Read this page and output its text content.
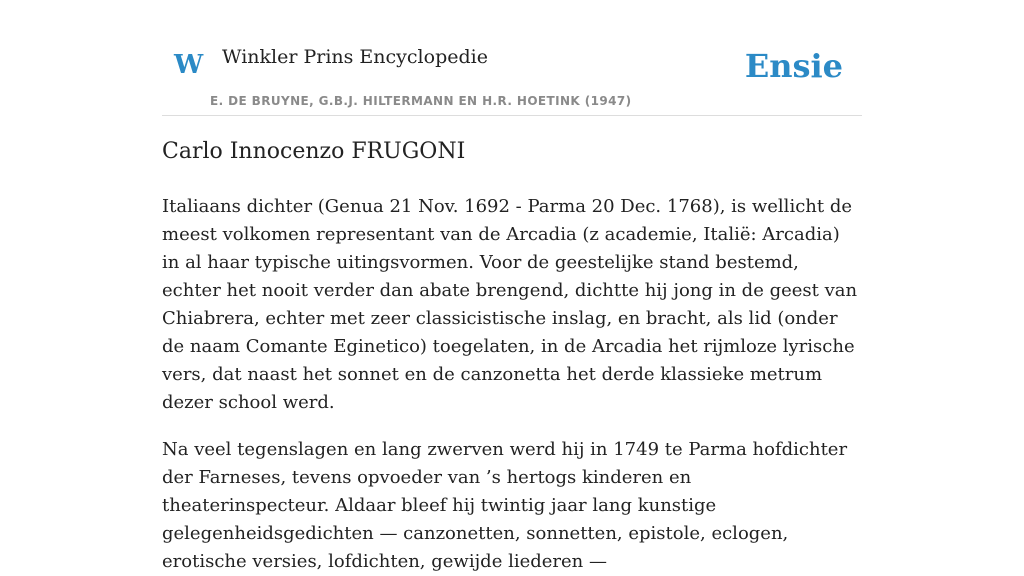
W Winkler Prins Encyclopedie
E. DE BRUYNE, G.B.J. HILTERMANN EN H.R. HOETINK (1947)
Ensie
Carlo Innocenzo FRUGONI

Italiaans dichter (Genua 21 Nov. 1692 - Parma 20 Dec. 1768), is wellicht de meest volkomen representant van de Arcadia (z academie, Italië: Arcadia) in al haar typische uitingsvormen. Voor de geestelijke stand bestemd, echter het nooit verder dan abate brengend, dichtte hij jong in de geest van Chiabrera, echter met zeer classicistische inslag, en bracht, als lid (onder de naam Comante Eginetico) toegelaten, in de Arcadia het rijmloze lyrische vers, dat naast het sonnet en de canzonetta het derde klassieke metrum dezer school werd.

Na veel tegenslagen en lang zwerven werd hij in 1749 te Parma hofdichter der Farneses, tevens opvoeder van ’s hertogs kinderen en theaterinspecteur. Aldaar bleef hij twintig jaar lang kunstige gelegenheidsgedichten — canzonetten, sonnetten, epistole, eclogen, erotische versies, lofdichten, gewijde liederen —
